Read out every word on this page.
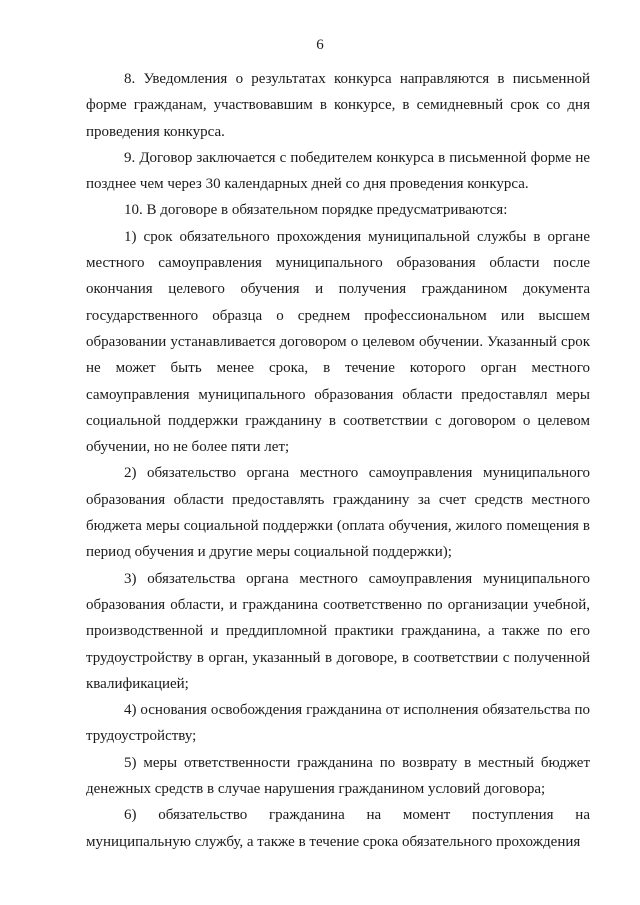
6

8. Уведомления о результатах конкурса направляются в письменной форме гражданам, участвовавшим в конкурсе, в семидневный срок со дня проведения конкурса.

9. Договор заключается с победителем конкурса в письменной форме не позднее чем через 30 календарных дней со дня проведения конкурса.

10. В договоре в обязательном порядке предусматриваются:

1) срок обязательного прохождения муниципальной службы в органе местного самоуправления муниципального образования области после окончания целевого обучения и получения гражданином документа государственного образца о среднем профессиональном или высшем образовании устанавливается договором о целевом обучении. Указанный срок не может быть менее срока, в течение которого орган местного самоуправления муниципального образования области предоставлял меры социальной поддержки гражданину в соответствии с договором о целевом обучении, но не более пяти лет;

2) обязательство органа местного самоуправления муниципального образования области предоставлять гражданину за счет средств местного бюджета меры социальной поддержки (оплата обучения, жилого помещения в период обучения и другие меры социальной поддержки);

3) обязательства органа местного самоуправления муниципального образования области, и гражданина соответственно по организации учебной, производственной и преддипломной практики гражданина, а также по его трудоустройству в орган, указанный в договоре, в соответствии с полученной квалификацией;

4) основания освобождения гражданина от исполнения обязательства по трудоустройству;

5) меры ответственности гражданина по возврату в местный бюджет денежных средств в случае нарушения гражданином условий договора;

6) обязательство гражданина на момент поступления на муниципальную службу, а также в течение срока обязательного прохождения
